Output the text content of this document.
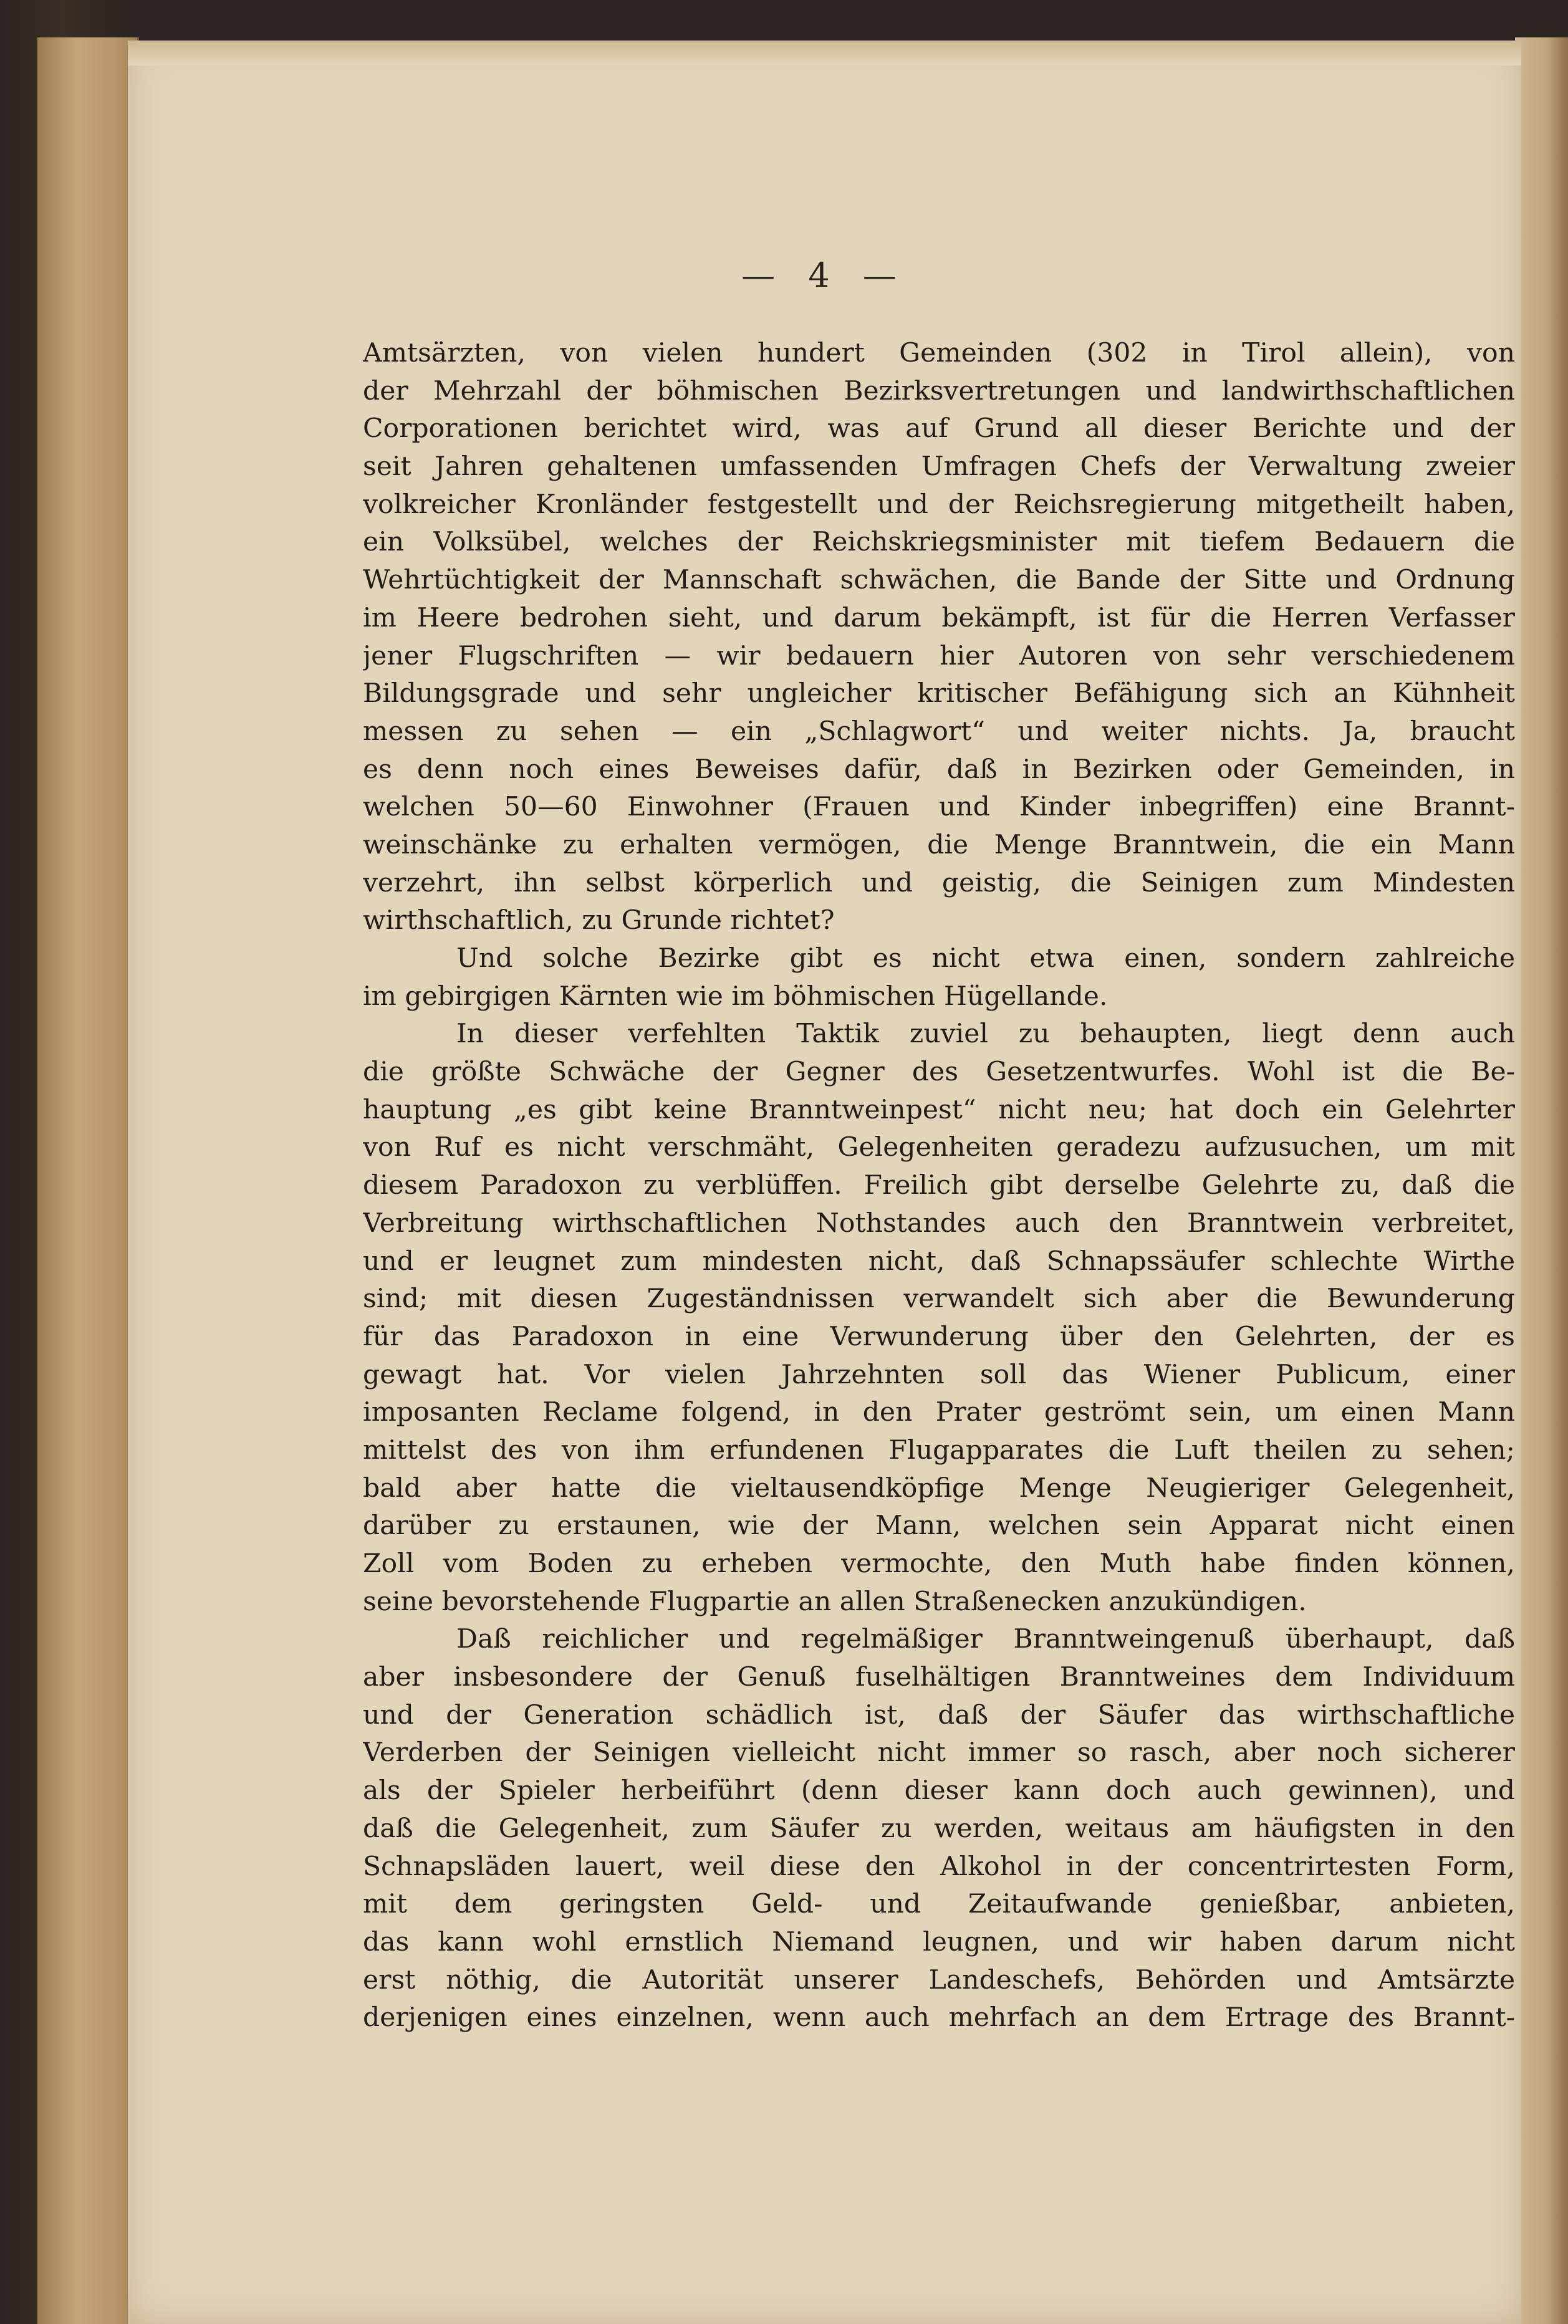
— 4 —
Amtsärzten, von vielen hundert Gemeinden (302 in Tirol allein), von
der Mehrzahl der böhmischen Bezirksvertretungen und landwirthschaftlichen
Corporationen berichtet wird, was auf Grund all dieser Berichte und der
seit Jahren gehaltenen umfassenden Umfragen Chefs der Verwaltung zweier
volkreicher Kronländer festgestellt und der Reichsregierung mitgetheilt haben,
ein Volksübel, welches der Reichskriegsminister mit tiefem Bedauern die
Wehrtüchtigkeit der Mannschaft schwächen, die Bande der Sitte und Ordnung
im Heere bedrohen sieht, und darum bekämpft, ist für die Herren Verfasser
jener Flugschriften — wir bedauern hier Autoren von sehr verschiedenem
Bildungsgrade und sehr ungleicher kritischer Befähigung sich an Kühnheit
messen zu sehen — ein „Schlagwort“ und weiter nichts. Ja, braucht
es denn noch eines Beweises dafür, daß in Bezirken oder Gemeinden, in
welchen 50—60 Einwohner (Frauen und Kinder inbegriffen) eine Brannt-
weinschänke zu erhalten vermögen, die Menge Branntwein, die ein Mann
verzehrt, ihn selbst körperlich und geistig, die Seinigen zum Mindesten
wirthschaftlich, zu Grunde richtet?
Und solche Bezirke gibt es nicht etwa einen, sondern zahlreiche
im gebirgigen Kärnten wie im böhmischen Hügellande.
In dieser verfehlten Taktik zuviel zu behaupten, liegt denn auch
die größte Schwäche der Gegner des Gesetzentwurfes. Wohl ist die Be-
hauptung „es gibt keine Branntweinpest“ nicht neu; hat doch ein Gelehrter
von Ruf es nicht verschmäht, Gelegenheiten geradezu aufzusuchen, um mit
diesem Paradoxon zu verblüffen. Freilich gibt derselbe Gelehrte zu, daß die
Verbreitung wirthschaftlichen Nothstandes auch den Branntwein verbreitet,
und er leugnet zum mindesten nicht, daß Schnapssäufer schlechte Wirthe
sind; mit diesen Zugeständnissen verwandelt sich aber die Bewunderung
für das Paradoxon in eine Verwunderung über den Gelehrten, der es
gewagt hat. Vor vielen Jahrzehnten soll das Wiener Publicum, einer
imposanten Reclame folgend, in den Prater geströmt sein, um einen Mann
mittelst des von ihm erfundenen Flugapparates die Luft theilen zu sehen;
bald aber hatte die vieltausendköpfige Menge Neugieriger Gelegenheit,
darüber zu erstaunen, wie der Mann, welchen sein Apparat nicht einen
Zoll vom Boden zu erheben vermochte, den Muth habe finden können,
seine bevorstehende Flugpartie an allen Straßenecken anzukündigen.
Daß reichlicher und regelmäßiger Branntweingenuß überhaupt, daß
aber insbesondere der Genuß fuselhältigen Branntweines dem Individuum
und der Generation schädlich ist, daß der Säufer das wirthschaftliche
Verderben der Seinigen vielleicht nicht immer so rasch, aber noch sicherer
als der Spieler herbeiführt (denn dieser kann doch auch gewinnen), und
daß die Gelegenheit, zum Säufer zu werden, weitaus am häufigsten in den
Schnapsläden lauert, weil diese den Alkohol in der concentrirtesten Form,
mit dem geringsten Geld- und Zeitaufwande genießbar, anbieten,
das kann wohl ernstlich Niemand leugnen, und wir haben darum nicht
erst nöthig, die Autorität unserer Landeschefs, Behörden und Amtsärzte
derjenigen eines einzelnen, wenn auch mehrfach an dem Ertrage des Brannt-
